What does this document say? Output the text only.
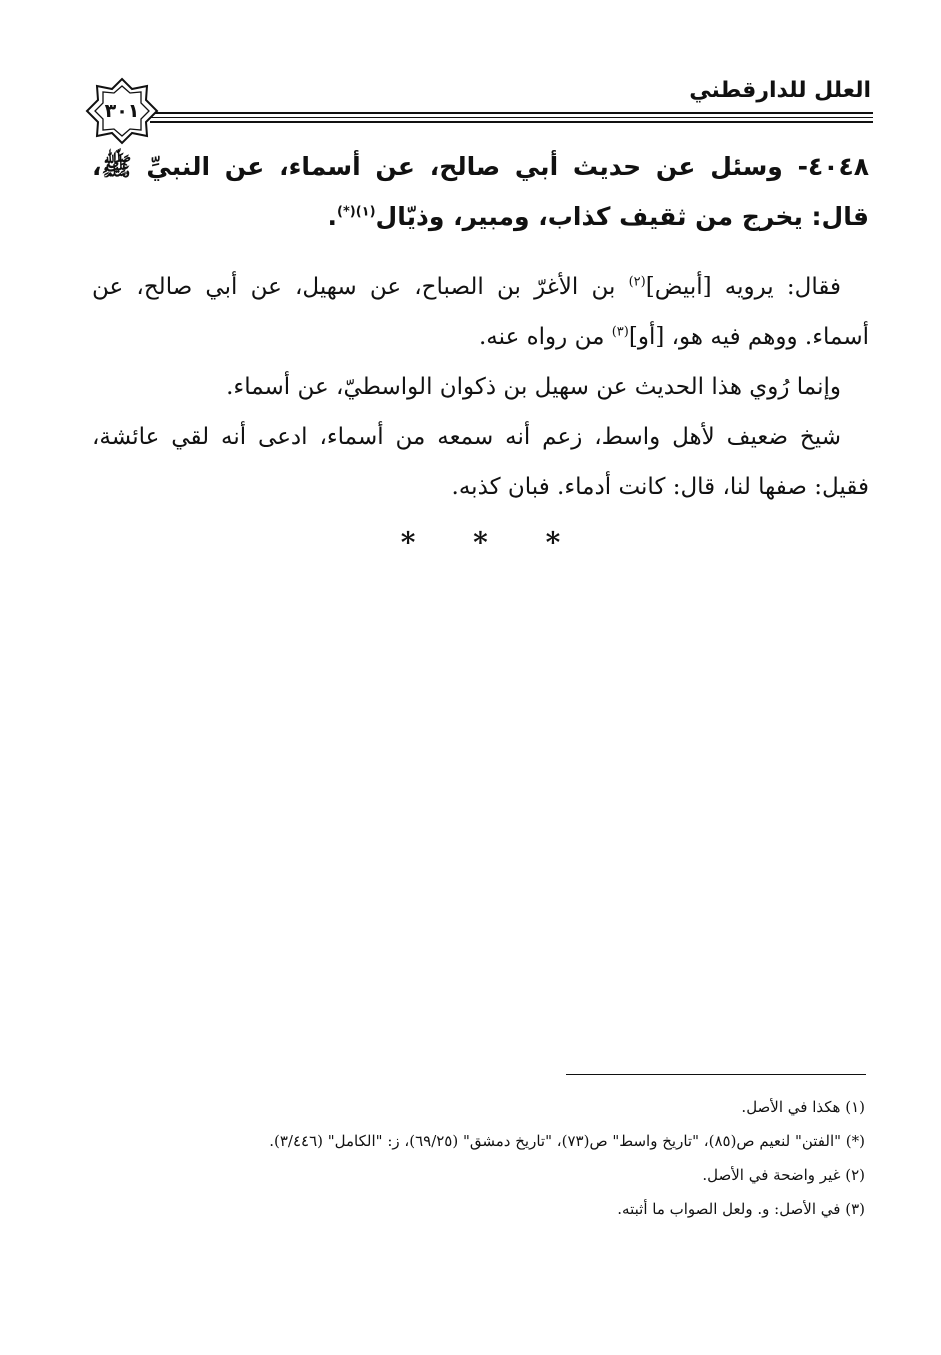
العلل للدارقطني
٣٠١

٤٠٤٨- وسئل عن حديث أبي صالح، عن أسماء، عن النبيِّ ﷺ، قال: يخرج من ثقيف كذاب، ومبير، وذيّال$^{(١)(*)}$.

فقال: يرويه [أبيض]$^{(٢)}$ بن الأغرّ بن الصباح، عن سهيل، عن أبي صالح، عن أسماء. ووهم فيه هو، [أو]$^{(٣)}$ من رواه عنه.

وإنما رُوي هذا الحديث عن سهيل بن ذكوان الواسطيّ، عن أسماء.

شيخ ضعيف لأهل واسط، زعم أنه سمعه من أسماء، ادعى أنه لقي عائشة، فقيل: صفها لنا، قال: كانت أدماء. فبان كذبه.

* * *

(١) هكذا في الأصل.

(*) "الفتن" لنعيم ص(٨٥)، "تاريخ واسط" ص(٧٣)، "تاريخ دمشق" (٦٩/٢٥)، ز: "الكامل" (٣/٤٤٦).

(٢) غير واضحة في الأصل.

(٣) في الأصل: و. ولعل الصواب ما أثبته.
